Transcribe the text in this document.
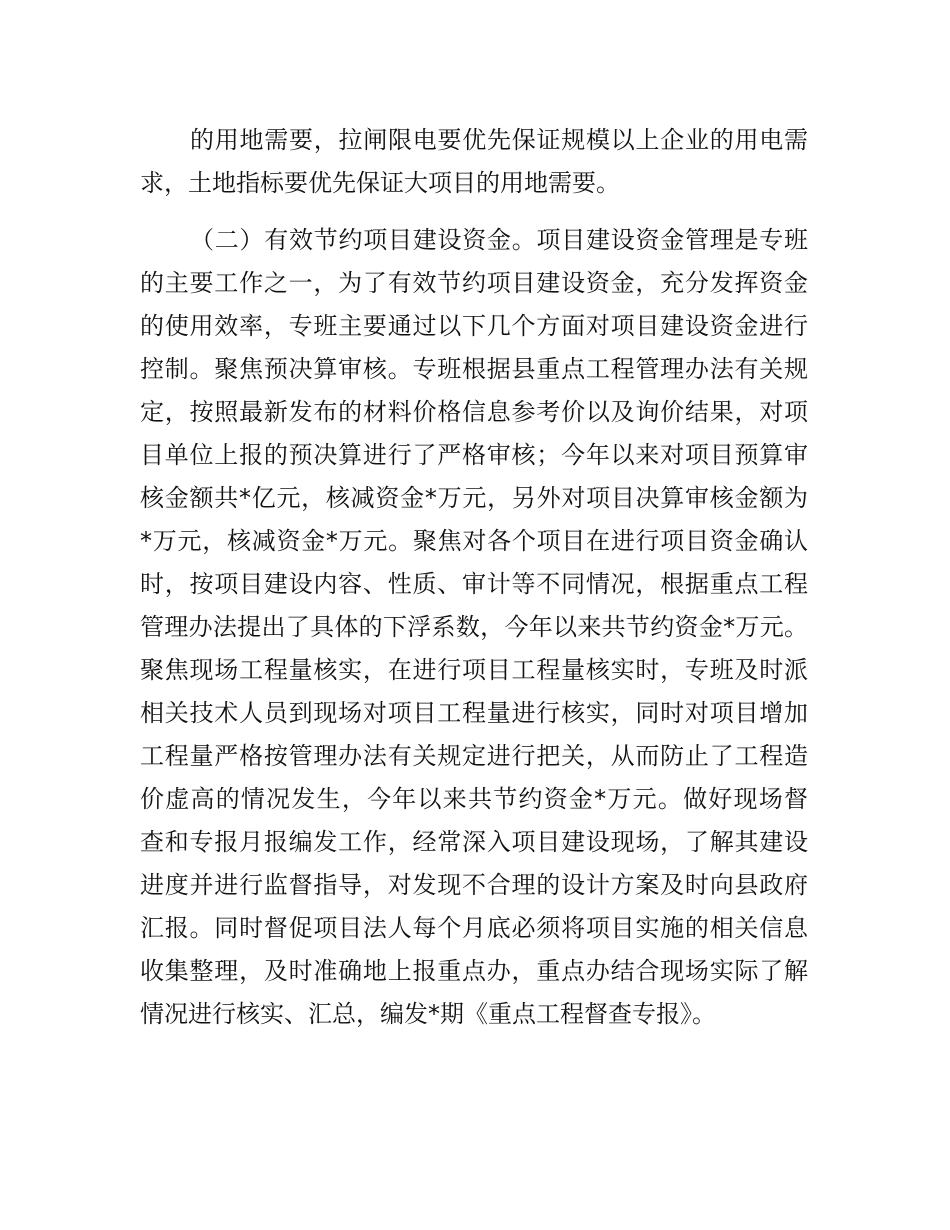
的用地需要，拉闸限电要优先保证规模以上企业的用电需
求，土地指标要优先保证大项目的用地需要。
（二）有效节约项目建设资金。项目建设资金管理是专班
的主要工作之一，为了有效节约项目建设资金，充分发挥资金
的使用效率，专班主要通过以下几个方面对项目建设资金进行
控制。聚焦预决算审核。专班根据县重点工程管理办法有关规
定，按照最新发布的材料价格信息参考价以及询价结果，对项
目单位上报的预决算进行了严格审核；今年以来对项目预算审
核金额共*亿元，核减资金*万元，另外对项目决算审核金额为
*万元，核减资金*万元。聚焦对各个项目在进行项目资金确认
时，按项目建设内容、性质、审计等不同情况，根据重点工程
管理办法提出了具体的下浮系数，今年以来共节约资金*万元。
聚焦现场工程量核实，在进行项目工程量核实时，专班及时派
相关技术人员到现场对项目工程量进行核实，同时对项目增加
工程量严格按管理办法有关规定进行把关，从而防止了工程造
价虚高的情况发生，今年以来共节约资金*万元。做好现场督
查和专报月报编发工作，经常深入项目建设现场，了解其建设
进度并进行监督指导，对发现不合理的设计方案及时向县政府
汇报。同时督促项目法人每个月底必须将项目实施的相关信息
收集整理，及时准确地上报重点办，重点办结合现场实际了解
情况进行核实、汇总，编发*期《重点工程督查专报》。
